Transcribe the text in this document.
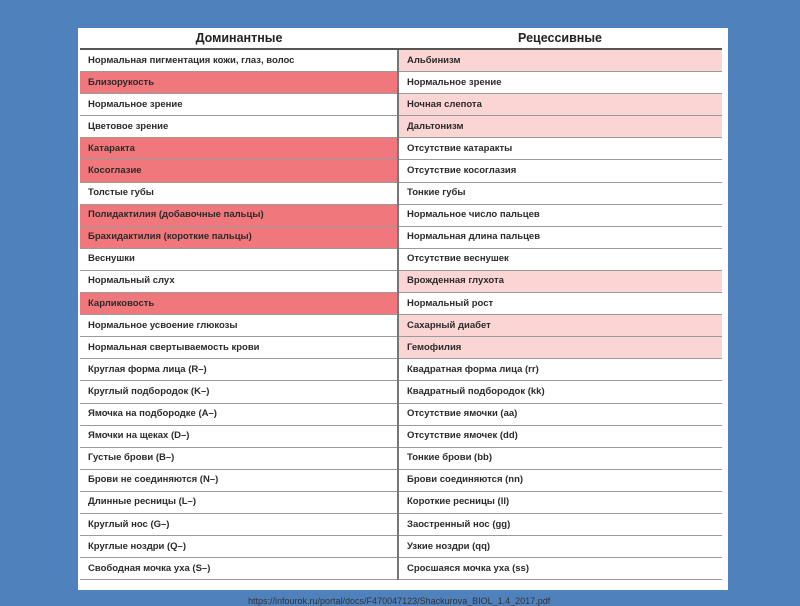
Доминантные	Рецессивные
Нормальная пигментация кожи, глаз, волос	Альбинизм
Близорукость	Нормальное зрение
Нормальное зрение	Ночная слепота
Цветовое зрение	Дальтонизм
Катаракта	Отсутствие катаракты
Косоглазие	Отсутствие косоглазия
Толстые губы	Тонкие губы
Полидактилия (добавочные пальцы)	Нормальное число пальцев
Брахидактилия (короткие пальцы)	Нормальная длина пальцев
Веснушки	Отсутствие веснушек
Нормальный слух	Врожденная глухота
Карликовость	Нормальный рост
Нормальное усвоение глюкозы	Сахарный диабет
Нормальная свертываемость крови	Гемофилия
Круглая форма лица (R–)	Квадратная форма лица (rr)
Круглый подбородок (K–)	Квадратный подбородок (kk)
Ямочка на подбородке (A–)	Отсутствие ямочки (aa)
Ямочки на щеках (D–)	Отсутствие ямочек (dd)
Густые брови (B–)	Тонкие брови (bb)
Брови не соединяются (N–)	Брови соединяются (nn)
Длинные ресницы (L–)	Короткие ресницы (ll)
Круглый нос (G–)	Заостренный нос (gg)
Круглые ноздри (Q–)	Узкие ноздри (qq)
Свободная мочка уха (S–)	Сросшаяся мочка уха (ss)
https://infourok.ru/portal/docs/F470047123/Shackurova_BIOL_1.4_2017.pdf
